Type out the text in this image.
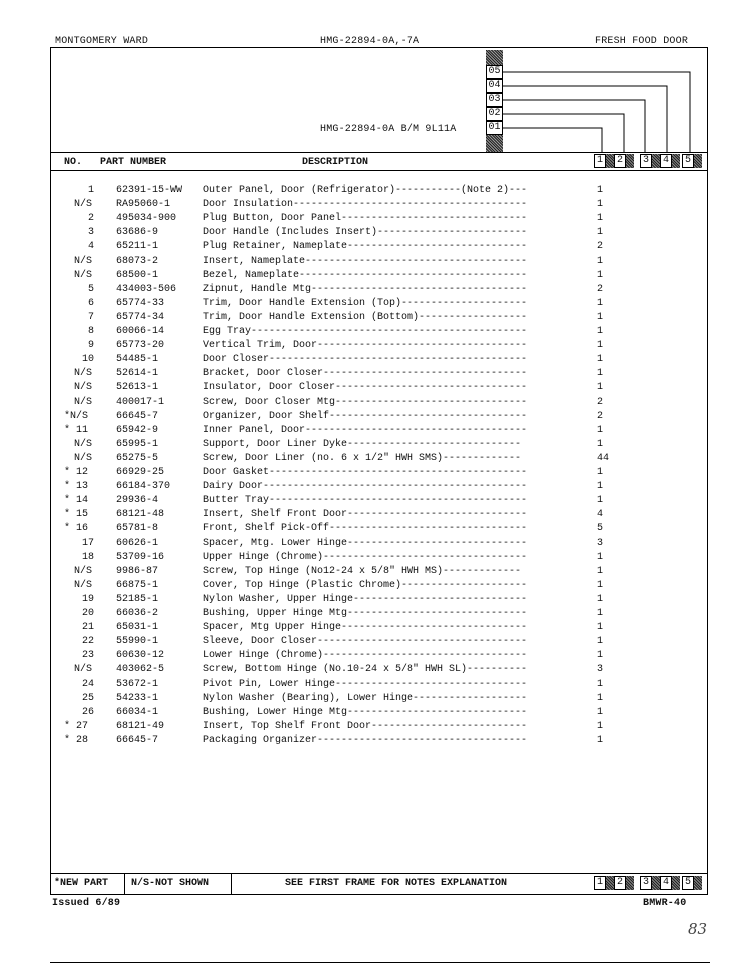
MONTGOMERY WARD	HMG-22894-0A,-7A	FRESH FOOD DOOR
HMG-22894-0A B/M 9L11A
05
04
03
02
01
NO. PART NUMBER	DESCRIPTION	1	2	3	4	5
1 62391-15-WW Outer Panel, Door (Refrigerator)-----------(Note 2)---	1
N/S	RA95060-1	Door Insulation---------------------------------------	1
2 495034-900	Plug Button, Door Panel-------------------------------	1
3 63686-9	Door Handle (Includes Insert)-------------------------	1
4 65211-1	Plug Retainer, Nameplate------------------------------	2
N/S	68073-2	Insert, Nameplate-------------------------------------	1
N/S	68500-1	Bezel, Nameplate--------------------------------------	1
5 434003-506	Zipnut, Handle Mtg------------------------------------	2
6 65774-33	Trim, Door Handle Extension (Top)---------------------	1
7 65774-34	Trim, Door Handle Extension (Bottom)------------------	1
8 60066-14	Egg Tray----------------------------------------------	1
9 65773-20	Vertical Trim, Door-----------------------------------	1
10 54485-1	Door Closer-------------------------------------------	1
N/S	52614-1	Bracket, Door Closer----------------------------------	1
N/S	52613-1	Insulator, Door Closer--------------------------------	1
N/S	400017-1	Screw, Door Closer Mtg--------------------------------	2
*N/S	66645-7	Organizer, Door Shelf---------------------------------	2
* 11	65942-9	Inner Panel, Door-------------------------------------	1
N/S	65995-1	Support, Door Liner Dyke-----------------------------	1
N/S	65275-5	Screw, Door Liner (no. 6 x 1/2" HWH SMS)-------------	44
* 12	66929-25	Door Gasket-------------------------------------------	1
* 13	66184-370	Dairy Door--------------------------------------------	1
* 14	29936-4	Butter Tray-------------------------------------------	1
* 15	68121-48	Insert, Shelf Front Door------------------------------	4
* 16	65781-8	Front, Shelf Pick-Off---------------------------------	5
17 60626-1	Spacer, Mtg. Lower Hinge------------------------------	3
18 53709-16	Upper Hinge (Chrome)----------------------------------	1
N/S	9986-87	Screw, Top Hinge (No12-24 x 5/8" HWH MS)-------------	1
N/S	66875-1	Cover, Top Hinge (Plastic Chrome)---------------------	1
19 52185-1	Nylon Washer, Upper Hinge-----------------------------	1
20 66036-2	Bushing, Upper Hinge Mtg------------------------------	1
21 65031-1	Spacer, Mtg Upper Hinge-------------------------------	1
22 55990-1	Sleeve, Door Closer-----------------------------------	1
23 60630-12	Lower Hinge (Chrome)----------------------------------	1
N/S	403062-5	Screw, Bottom Hinge (No.10-24 x 5/8" HWH SL)----------	3
24 53672-1	Pivot Pin, Lower Hinge--------------------------------	1
25 54233-1	Nylon Washer (Bearing), Lower Hinge-------------------	1
26 66034-1	Bushing, Lower Hinge Mtg------------------------------	1
* 27	68121-49	Insert, Top Shelf Front Door--------------------------	1
* 28	66645-7	Packaging Organizer-----------------------------------	1
*NEW PART N/S-NOT SHOWN	SEE FIRST FRAME FOR NOTES EXPLANATION	1	2	3	4	5
Issued 6/89	BMWR-40
83
